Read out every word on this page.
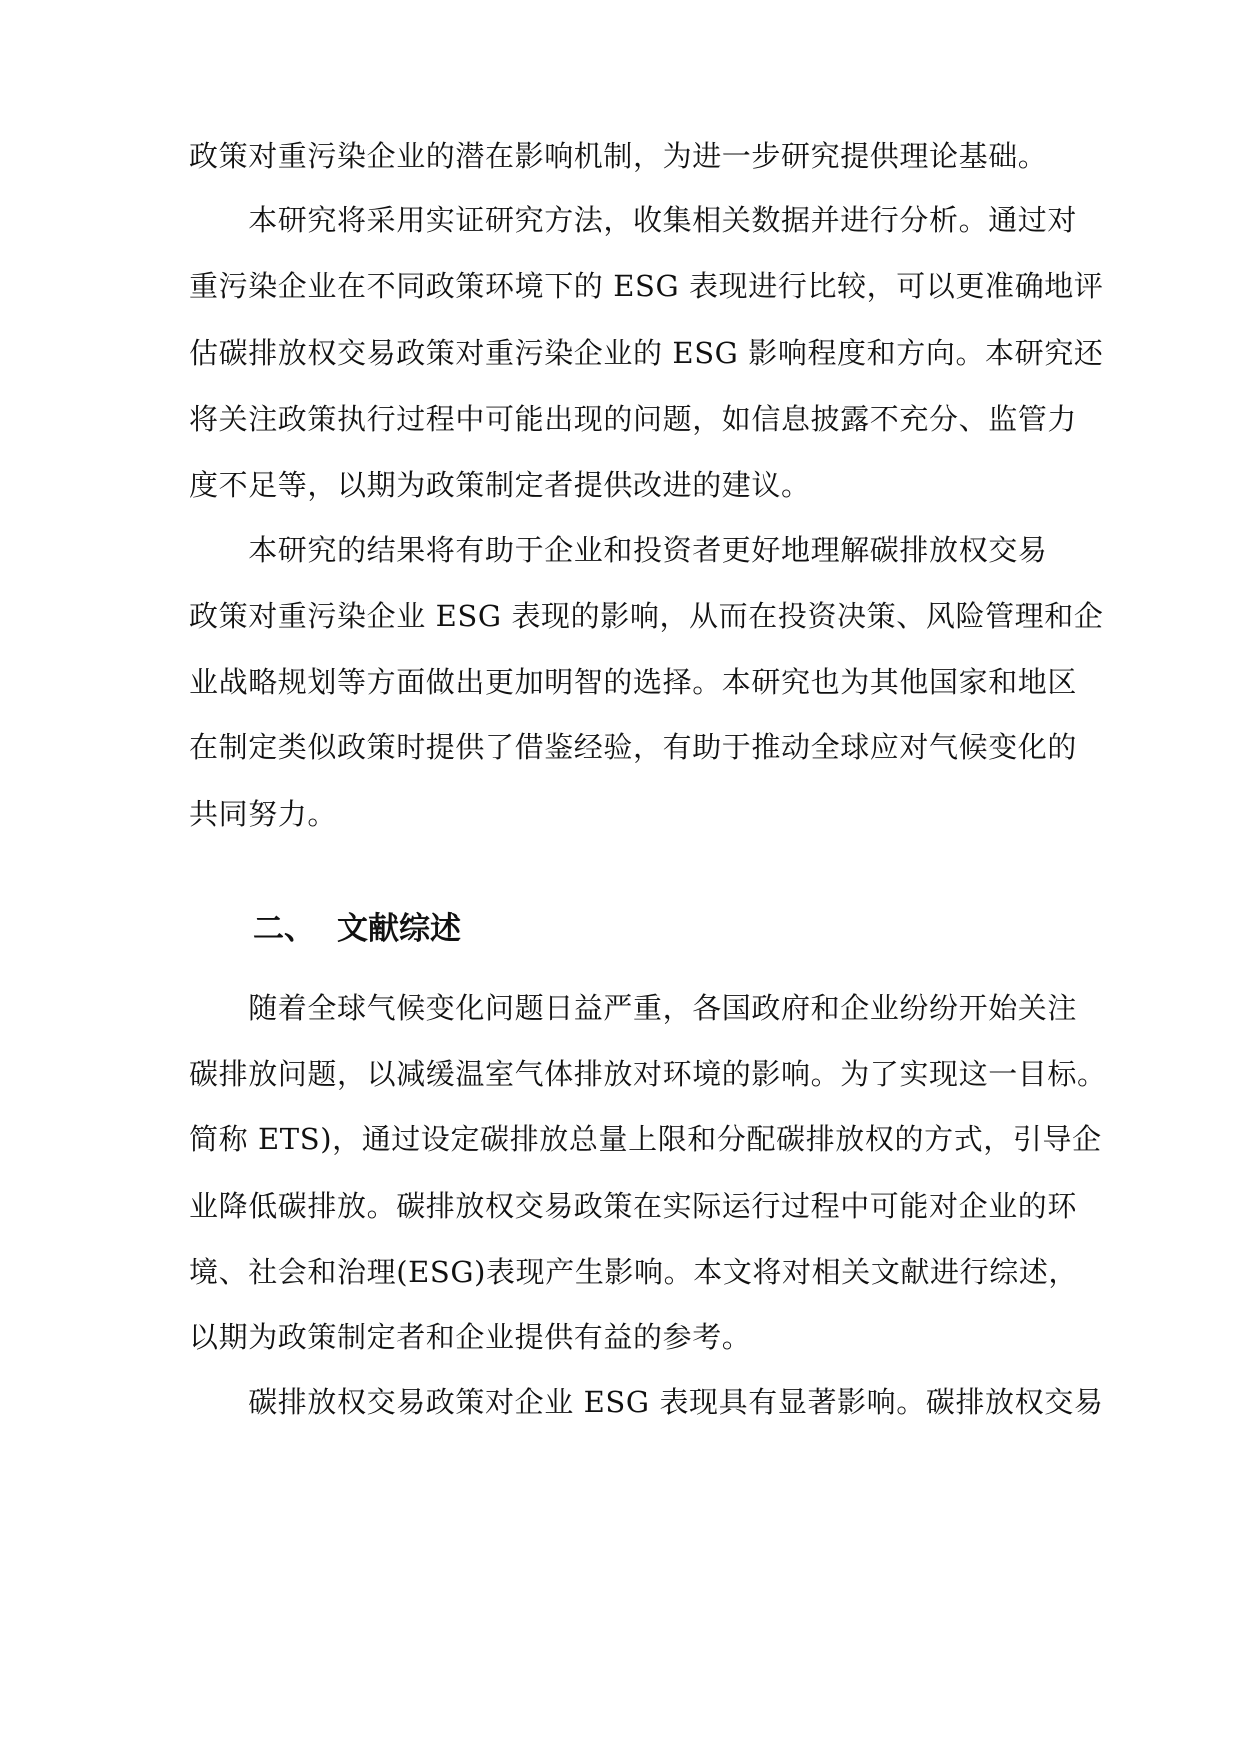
政策对重污染企业的潜在影响机制，为进一步研究提供理论基础。
　　本研究将采用实证研究方法，收集相关数据并进行分析。通过对
重污染企业在不同政策环境下的 ESG 表现进行比较，可以更准确地评
估碳排放权交易政策对重污染企业的 ESG 影响程度和方向。本研究还
将关注政策执行过程中可能出现的问题，如信息披露不充分、监管力
度不足等，以期为政策制定者提供改进的建议。
　　本研究的结果将有助于企业和投资者更好地理解碳排放权交易
政策对重污染企业 ESG 表现的影响，从而在投资决策、风险管理和企
业战略规划等方面做出更加明智的选择。本研究也为其他国家和地区
在制定类似政策时提供了借鉴经验，有助于推动全球应对气候变化的
共同努力。
二、 文献综述
　　随着全球气候变化问题日益严重，各国政府和企业纷纷开始关注
碳排放问题，以减缓温室气体排放对环境的影响。为了实现这一目标。
简称 ETS)，通过设定碳排放总量上限和分配碳排放权的方式，引导企
业降低碳排放。碳排放权交易政策在实际运行过程中可能对企业的环
境、社会和治理(ESG)表现产生影响。本文将对相关文献进行综述，
以期为政策制定者和企业提供有益的参考。
　　碳排放权交易政策对企业 ESG 表现具有显著影响。碳排放权交易
